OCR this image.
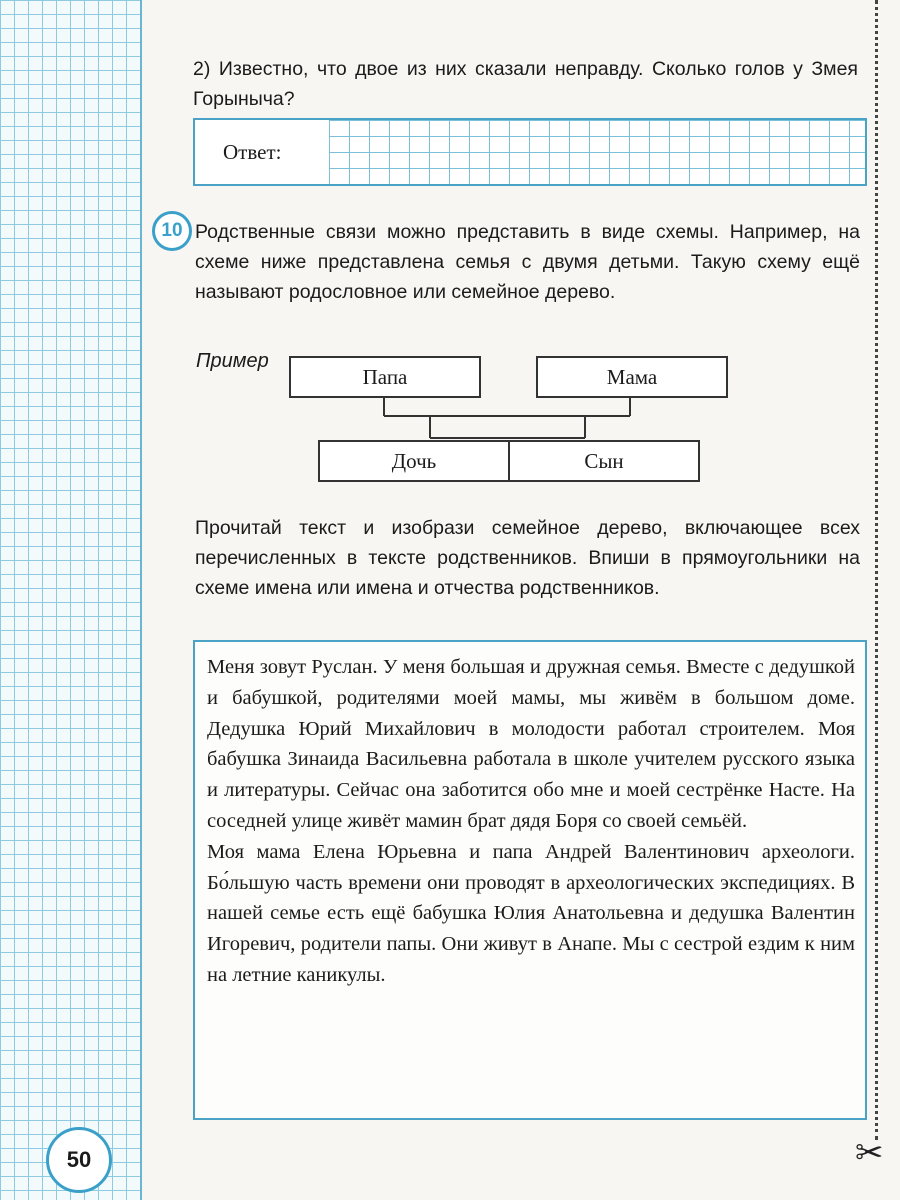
50	✂
2) Известно, что двое из них сказали неправду. Сколько голов у Змея Горыныча?
Ответ:
10 Родственные связи можно представить в виде схемы. Например, на схеме ниже представлена семья с двумя детьми. Такую схему ещё называют родословное или семейное дерево.
Пример
Папа	Мама
Дочь	Сын
Прочитай текст и изобрази семейное дерево, включающее всех перечисленных в тексте родственников. Впиши в прямоугольники на схеме имена или имена и отчества родственников.

Меня зовут Руслан. У меня большая и дружная семья. Вместе с дедушкой и бабушкой, родителями моей мамы, мы живём в большом доме. Дедушка Юрий Михайлович в молодости работал строителем. Моя бабушка Зинаида Васильевна работала в школе учителем русского языка и литературы. Сейчас она заботится обо мне и моей сестрёнке Насте. На соседней улице живёт мамин брат дядя Боря со своей семьёй.

Моя мама Елена Юрьевна и папа Андрей Валентинович археологи. Бо́льшую часть времени они проводят в археологических экспедициях. В нашей семье есть ещё бабушка Юлия Анатольевна и дедушка Валентин Игоревич, родители папы. Они живут в Анапе. Мы с сестрой ездим к ним на летние каникулы.
